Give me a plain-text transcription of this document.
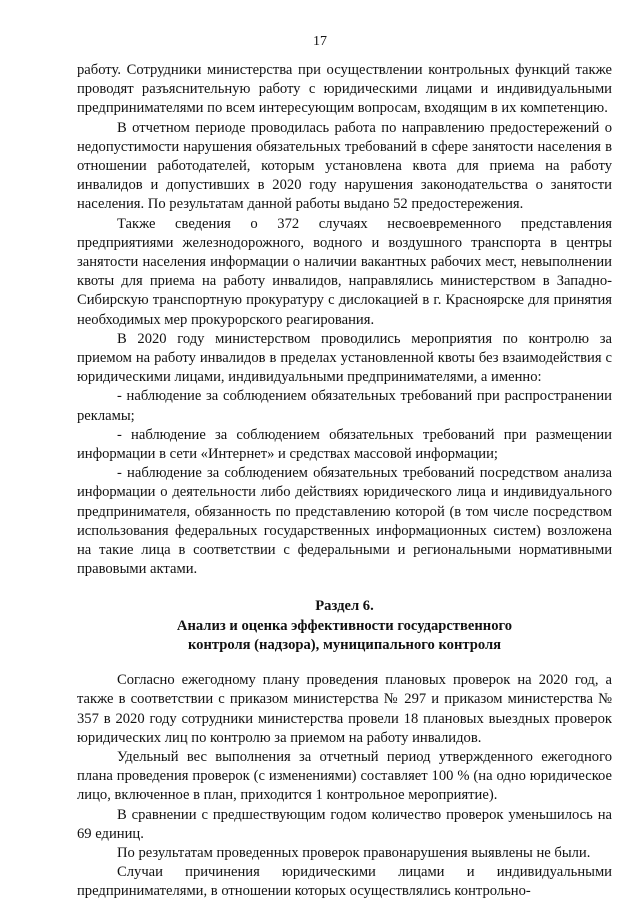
17

работу. Сотрудники министерства при осуществлении контрольных функций также проводят разъяснительную работу с юридическими лицами и индивидуальными предпринимателями по всем интересующим вопросам, входящим в их компетенцию.

В отчетном периоде проводилась работа по направлению предостережений о недопустимости нарушения обязательных требований в сфере занятости населения в отношении работодателей, которым установлена квота для приема на работу инвалидов и допустивших в 2020 году нарушения законодательства о занятости населения. По результатам данной работы выдано 52 предостережения.

Также сведения о 372 случаях несвоевременного представления предприятиями железнодорожного, водного и воздушного транспорта в центры занятости населения информации о наличии вакантных рабочих мест, невыполнении квоты для приема на работу инвалидов, направлялись министерством в Западно-Сибирскую транспортную прокуратуру с дислокацией в г. Красноярске для принятия необходимых мер прокурорского реагирования.

В 2020 году министерством проводились мероприятия по контролю за приемом на работу инвалидов в пределах установленной квоты без взаимодействия с юридическими лицами, индивидуальными предпринимателями, а именно:

- наблюдение за соблюдением обязательных требований при распространении рекламы;

- наблюдение за соблюдением обязательных требований при размещении информации в сети «Интернет» и средствах массовой информации;

- наблюдение за соблюдением обязательных требований посредством анализа информации о деятельности либо действиях юридического лица и индивидуального предпринимателя, обязанность по представлению которой (в том числе посредством использования федеральных государственных информационных систем) возложена на такие лица в соответствии с федеральными и региональными нормативными правовыми актами.

Раздел 6.

Анализ и оценка эффективности государственного

контроля (надзора), муниципального контроля

Согласно ежегодному плану проведения плановых проверок на 2020 год, а также в соответствии с приказом министерства № 297 и приказом министерства № 357 в 2020 году сотрудники министерства провели 18 плановых выездных проверок юридических лиц по контролю за приемом на работу инвалидов.

Удельный вес выполнения за отчетный период утвержденного ежегодного плана проведения проверок (с изменениями) составляет 100 % (на одно юридическое лицо, включенное в план, приходится 1 контрольное мероприятие).

В сравнении с предшествующим годом количество проверок уменьшилось на 69 единиц.

По результатам проведенных проверок правонарушения выявлены не были.

Случаи причинения юридическими лицами и индивидуальными предпринимателями, в отношении которых осуществлялись контрольно-
